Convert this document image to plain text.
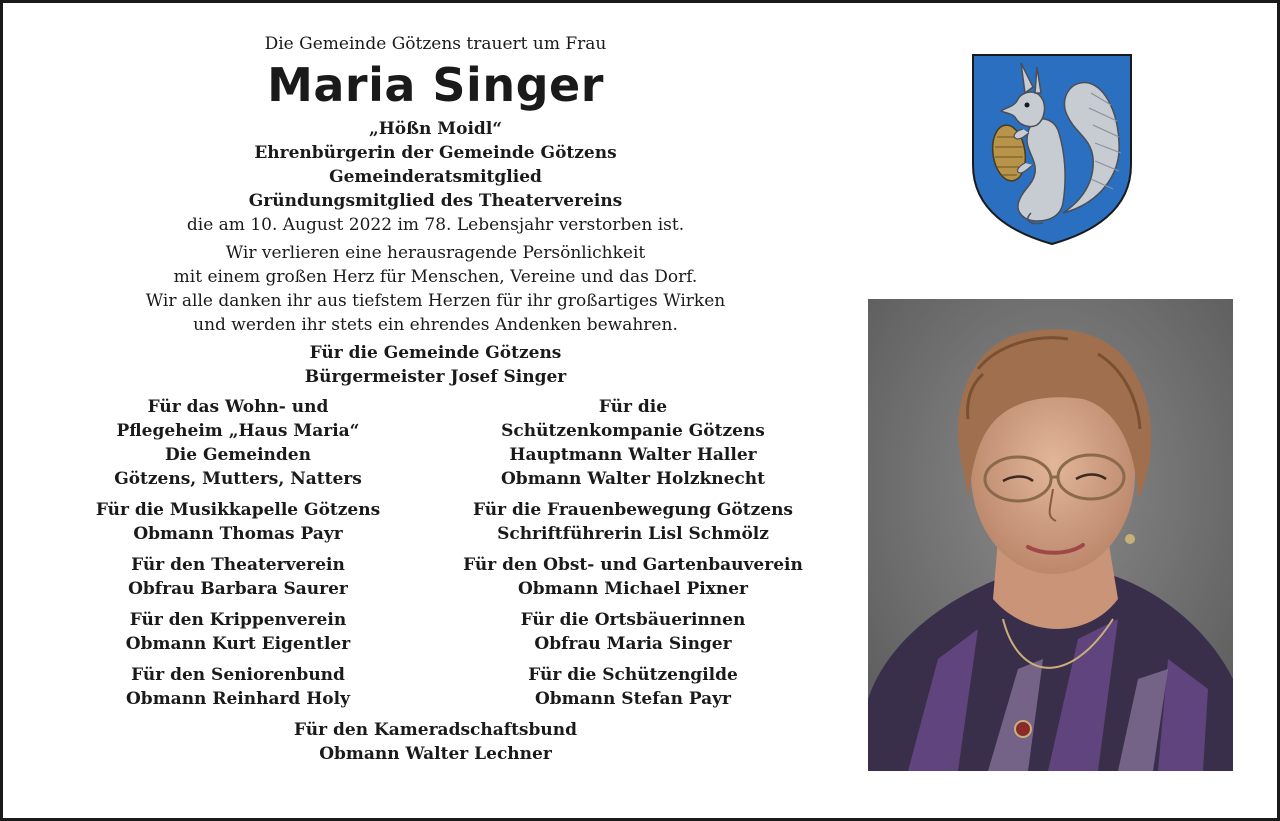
Die Gemeinde Götzens trauert um Frau
Maria Singer
„Hößn Moidl“
Ehrenbürgerin der Gemeinde Götzens
Gemeinderatsmitglied
Gründungsmitglied des Theatervereins
die am 10. August 2022 im 78. Lebensjahr verstorben ist.
Wir verlieren eine herausragende Persönlichkeit
mit einem großen Herz für Menschen, Vereine und das Dorf.
Wir alle danken ihr aus tiefstem Herzen für ihr großartiges Wirken
und werden ihr stets ein ehrendes Andenken bewahren.
Für die Gemeinde Götzens
Bürgermeister Josef Singer
Für das Wohn- und
Pflegeheim „Haus Maria“
Die Gemeinden
Götzens, Mutters, Natters
Für die Musikkapelle Götzens
Obmann Thomas Payr
Für den Theaterverein
Obfrau Barbara Saurer
Für den Krippenverein
Obmann Kurt Eigentler
Für den Seniorenbund
Obmann Reinhard Holy
Für die
Schützenkompanie Götzens
Hauptmann Walter Haller
Obmann Walter Holzknecht
Für die Frauenbewegung Götzens
Schriftführerin Lisl Schmölz
Für den Obst- und Gartenbauverein
Obmann Michael Pixner
Für die Ortsbäuerinnen
Obfrau Maria Singer
Für die Schützengilde
Obmann Stefan Payr
Für den Kameradschaftsbund
Obmann Walter Lechner
